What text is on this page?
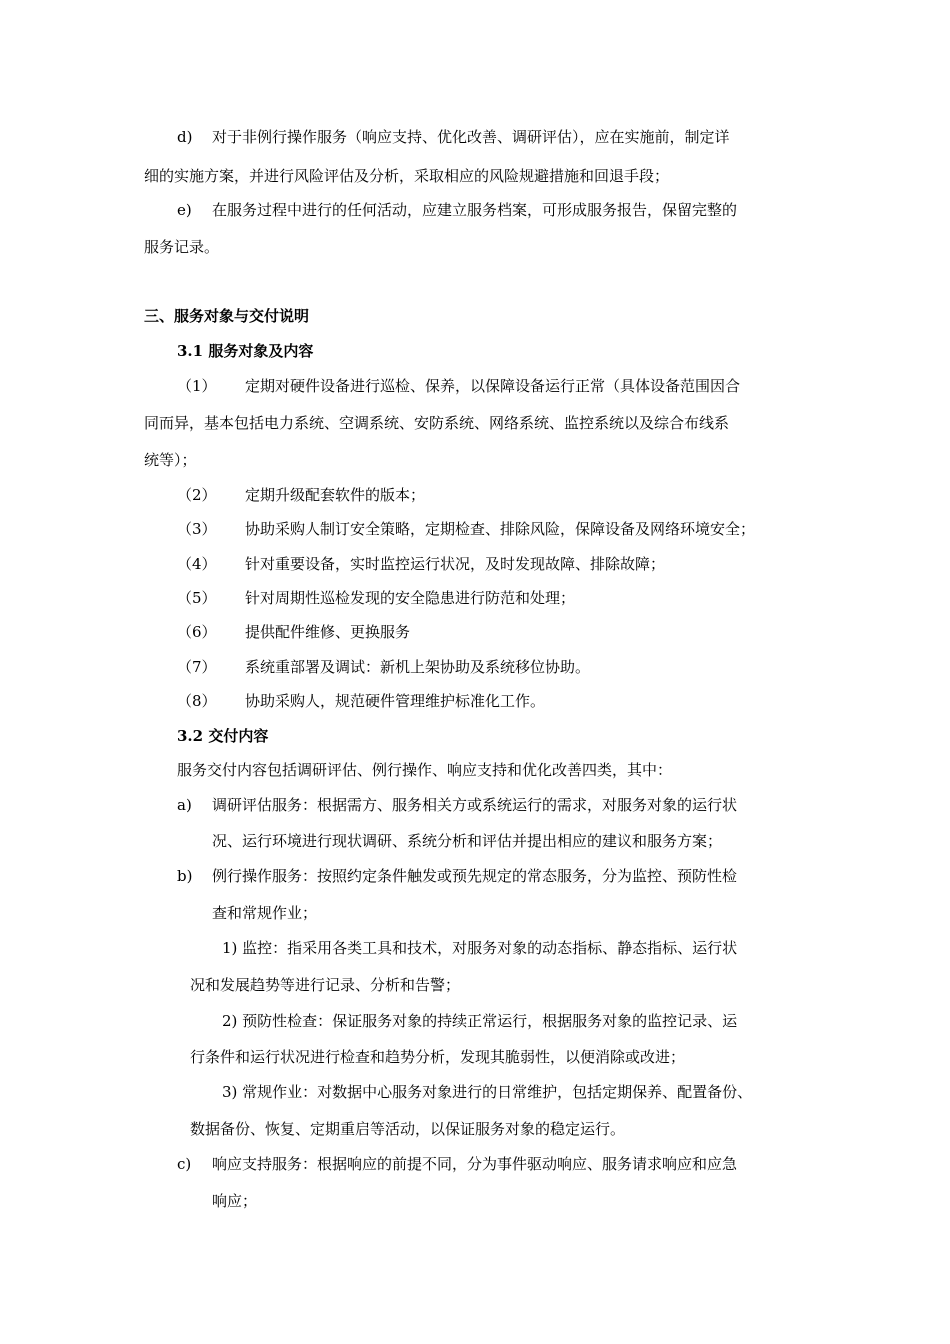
d) 对于非例行操作服务（响应支持、优化改善、调研评估），应在实施前，制定详
细的实施方案，并进行风险评估及分析，采取相应的风险规避措施和回退手段；
e) 在服务过程中进行的任何活动，应建立服务档案，可形成服务报告，保留完整的
服务记录。
三、服务对象与交付说明
3.1 服务对象及内容
（1） 定期对硬件设备进行巡检、保养，以保障设备运行正常（具体设备范围因合
同而异，基本包括电力系统、空调系统、安防系统、网络系统、监控系统以及综合布线系
统等）；
（2） 定期升级配套软件的版本；
（3） 协助采购人制订安全策略，定期检查、排除风险，保障设备及网络环境安全；
（4） 针对重要设备，实时监控运行状况，及时发现故障、排除故障；
（5） 针对周期性巡检发现的安全隐患进行防范和处理；
（6） 提供配件维修、更换服务
（7） 系统重部署及调试：新机上架协助及系统移位协助。
（8） 协助采购人，规范硬件管理维护标准化工作。
3.2 交付内容
服务交付内容包括调研评估、例行操作、响应支持和优化改善四类，其中：
a) 调研评估服务：根据需方、服务相关方或系统运行的需求，对服务对象的运行状
况、运行环境进行现状调研、系统分析和评估并提出相应的建议和服务方案；
b) 例行操作服务：按照约定条件触发或预先规定的常态服务，分为监控、预防性检
查和常规作业；
1) 监控：指采用各类工具和技术，对服务对象的动态指标、静态指标、运行状
况和发展趋势等进行记录、分析和告警；
2) 预防性检查：保证服务对象的持续正常运行，根据服务对象的监控记录、运
行条件和运行状况进行检查和趋势分析，发现其脆弱性，以便消除或改进；
3) 常规作业：对数据中心服务对象进行的日常维护，包括定期保养、配置备份、
数据备份、恢复、定期重启等活动，以保证服务对象的稳定运行。
c) 响应支持服务：根据响应的前提不同，分为事件驱动响应、服务请求响应和应急
响应；
